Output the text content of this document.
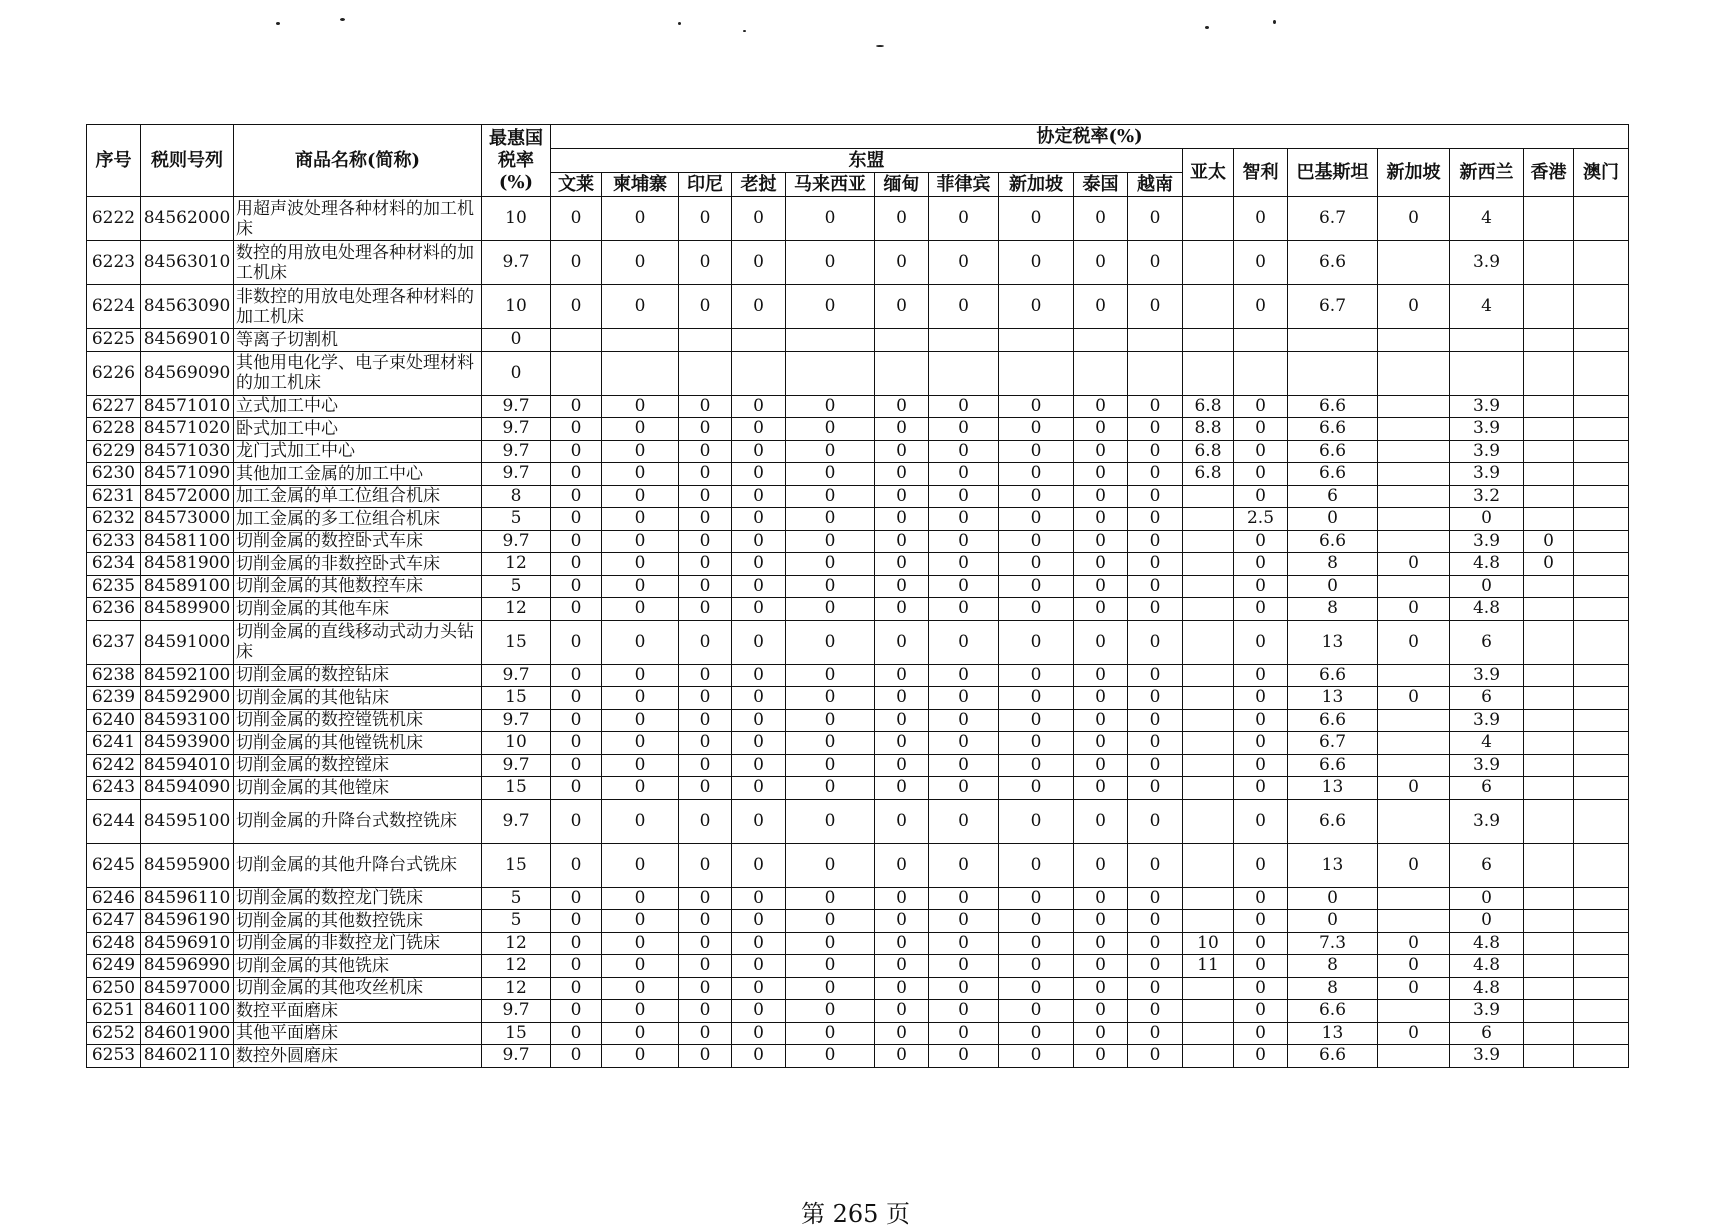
序号	税则号列	商品名称(简称)	最惠国税率(%)	协定税率(%)																
				东盟										亚太	智利	巴基斯坦	新加坡	新西兰	香港	澳门
				文莱	柬埔寨	印尼	老挝	马来西亚	缅甸	菲律宾	新加坡	泰国	越南							
6222	84562000	用超声波处理各种材料的加工机床	10	0	0	0	0	0	0	0	0	0	0		0	6.7	0	4		
6223	84563010	数控的用放电处理各种材料的加工机床	9.7	0	0	0	0	0	0	0	0	0	0		0	6.6		3.9		
6224	84563090	非数控的用放电处理各种材料的加工机床	10	0	0	0	0	0	0	0	0	0	0		0	6.7	0	4		
6225	84569010	等离子切割机	0																	
6226	84569090	其他用电化学、电子束处理材料的加工机床	0																	
6227	84571010	立式加工中心	9.7	0	0	0	0	0	0	0	0	0	0	6.8	0	6.6		3.9		
6228	84571020	卧式加工中心	9.7	0	0	0	0	0	0	0	0	0	0	8.8	0	6.6		3.9		
6229	84571030	龙门式加工中心	9.7	0	0	0	0	0	0	0	0	0	0	6.8	0	6.6		3.9		
6230	84571090	其他加工金属的加工中心	9.7	0	0	0	0	0	0	0	0	0	0	6.8	0	6.6		3.9		
6231	84572000	加工金属的单工位组合机床	8	0	0	0	0	0	0	0	0	0	0		0	6		3.2		
6232	84573000	加工金属的多工位组合机床	5	0	0	0	0	0	0	0	0	0	0		2.5	0		0		
6233	84581100	切削金属的数控卧式车床	9.7	0	0	0	0	0	0	0	0	0	0		0	6.6		3.9	0	
6234	84581900	切削金属的非数控卧式车床	12	0	0	0	0	0	0	0	0	0	0		0	8	0	4.8	0	
6235	84589100	切削金属的其他数控车床	5	0	0	0	0	0	0	0	0	0	0		0	0		0		
6236	84589900	切削金属的其他车床	12	0	0	0	0	0	0	0	0	0	0		0	8	0	4.8		
6237	84591000	切削金属的直线移动式动力头钻床	15	0	0	0	0	0	0	0	0	0	0		0	13	0	6		
6238	84592100	切削金属的数控钻床	9.7	0	0	0	0	0	0	0	0	0	0		0	6.6		3.9		
6239	84592900	切削金属的其他钻床	15	0	0	0	0	0	0	0	0	0	0		0	13	0	6		
6240	84593100	切削金属的数控镗铣机床	9.7	0	0	0	0	0	0	0	0	0	0		0	6.6		3.9		
6241	84593900	切削金属的其他镗铣机床	10	0	0	0	0	0	0	0	0	0	0		0	6.7		4		
6242	84594010	切削金属的数控镗床	9.7	0	0	0	0	0	0	0	0	0	0		0	6.6		3.9		
6243	84594090	切削金属的其他镗床	15	0	0	0	0	0	0	0	0	0	0		0	13	0	6		
6244	84595100	切削金属的升降台式数控铣床	9.7	0	0	0	0	0	0	0	0	0	0		0	6.6		3.9		
6245	84595900	切削金属的其他升降台式铣床	15	0	0	0	0	0	0	0	0	0	0		0	13	0	6		
6246	84596110	切削金属的数控龙门铣床	5	0	0	0	0	0	0	0	0	0	0		0	0		0		
6247	84596190	切削金属的其他数控铣床	5	0	0	0	0	0	0	0	0	0	0		0	0		0		
6248	84596910	切削金属的非数控龙门铣床	12	0	0	0	0	0	0	0	0	0	0	10	0	7.3	0	4.8		
6249	84596990	切削金属的其他铣床	12	0	0	0	0	0	0	0	0	0	0	11	0	8	0	4.8		
6250	84597000	切削金属的其他攻丝机床	12	0	0	0	0	0	0	0	0	0	0		0	8	0	4.8		
6251	84601100	数控平面磨床	9.7	0	0	0	0	0	0	0	0	0	0		0	6.6		3.9		
6252	84601900	其他平面磨床	15	0	0	0	0	0	0	0	0	0	0		0	13	0	6		
6253	84602110	数控外圆磨床	9.7	0	0	0	0	0	0	0	0	0	0		0	6.6		3.9		
第 265 页
